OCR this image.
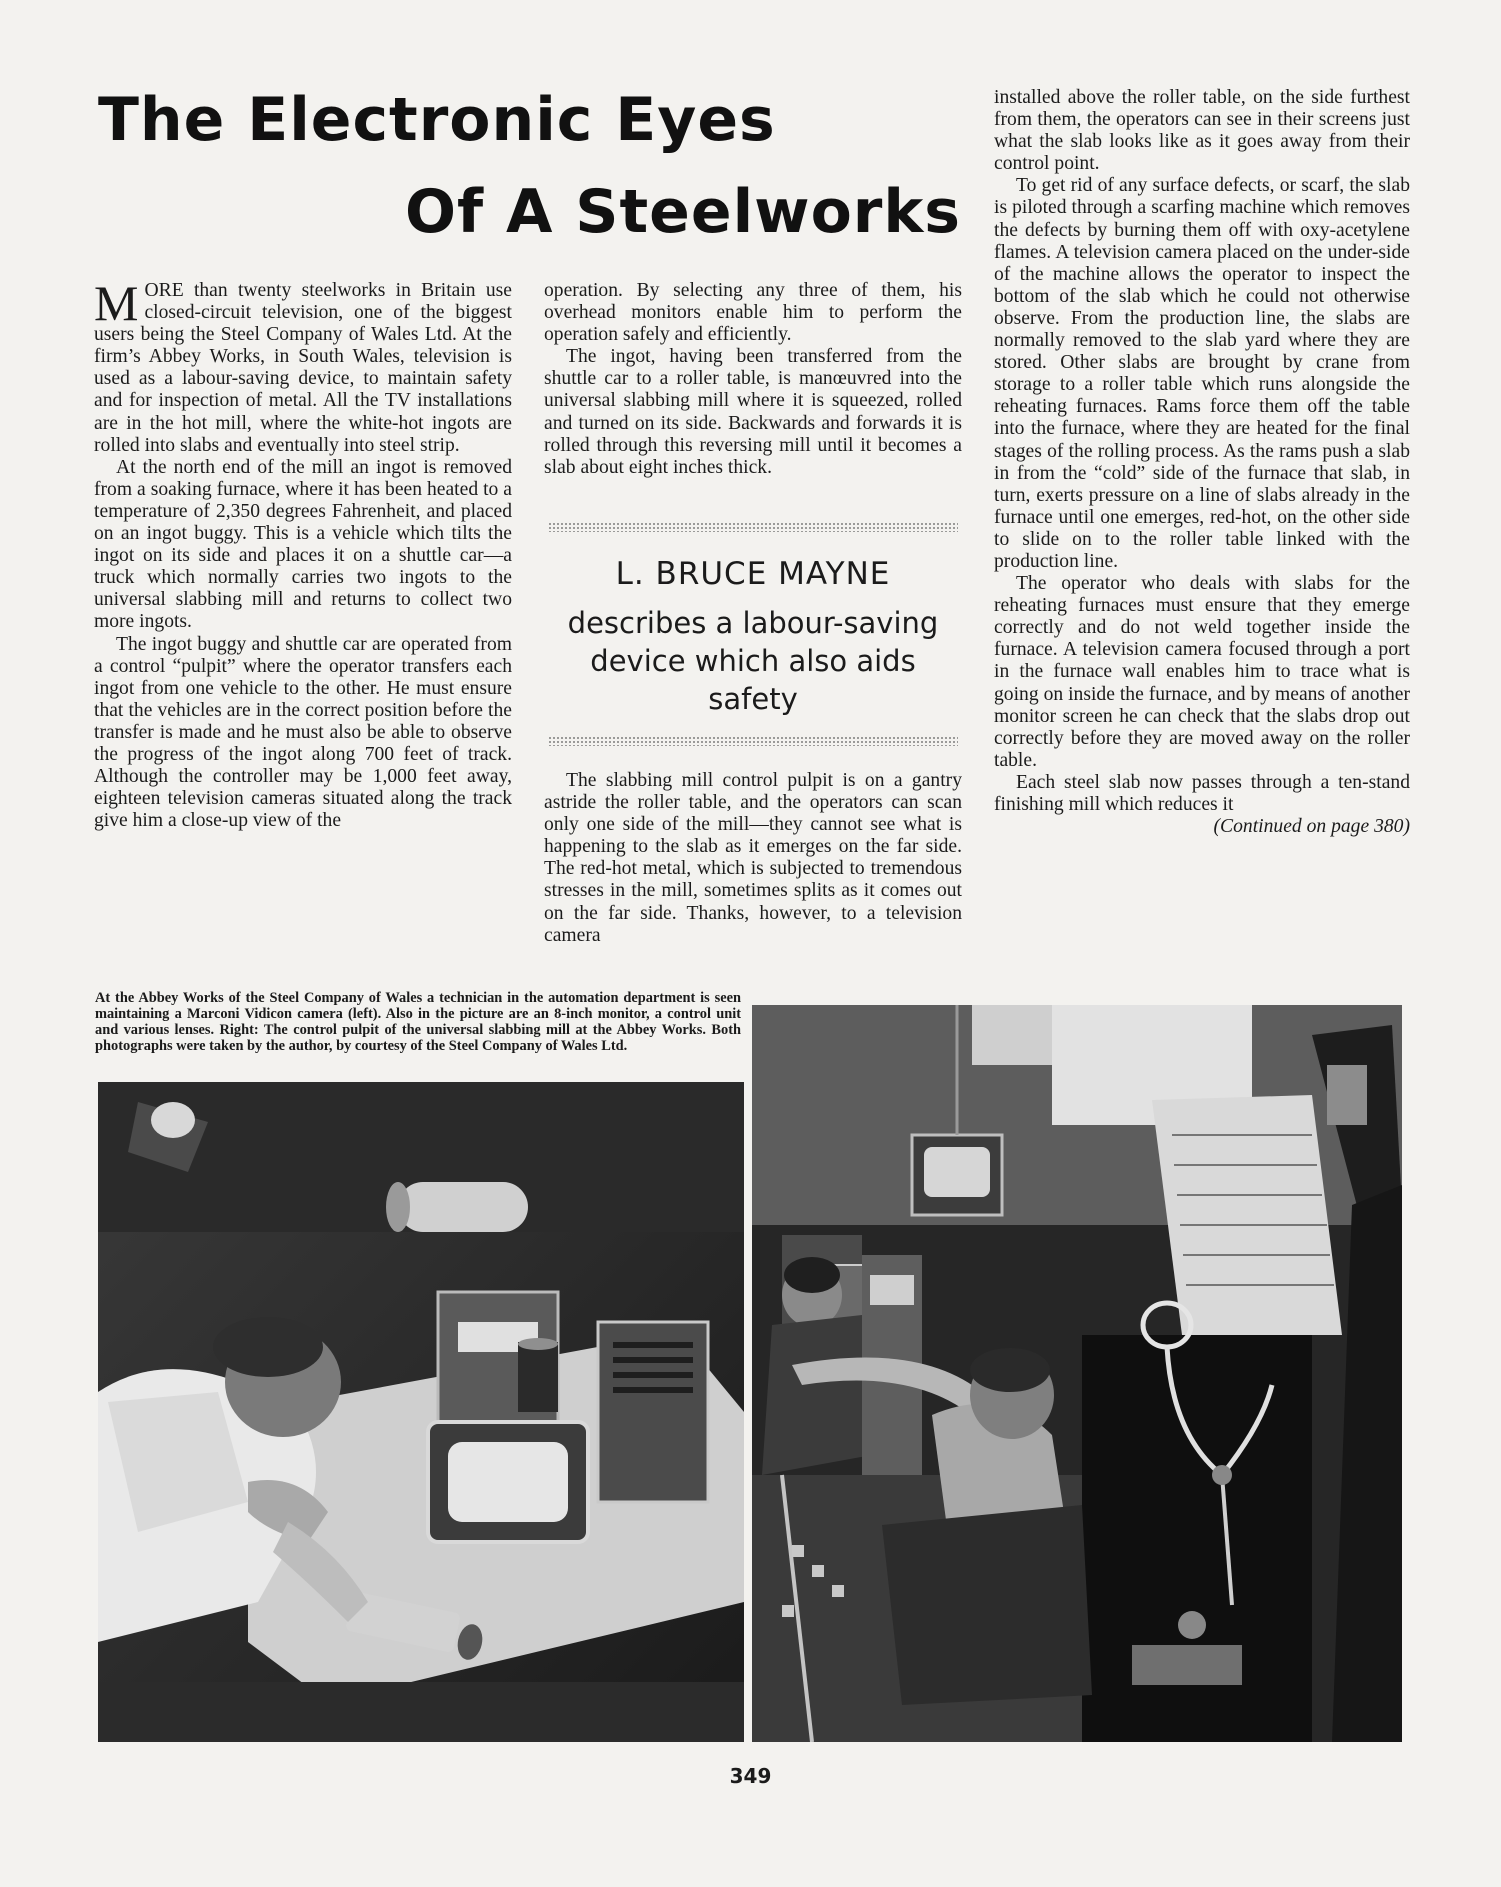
The Electronic Eyes
Of A Steelworks

MORE than twenty steelworks in Britain use closed-circuit television, one of the biggest users being the Steel Company of Wales Ltd. At the firm’s Abbey Works, in South Wales, television is used as a labour-saving device, to maintain safety and for inspection of metal. All the TV installations are in the hot mill, where the white-hot ingots are rolled into slabs and eventually into steel strip.

At the north end of the mill an ingot is removed from a soaking furnace, where it has been heated to a temperature of 2,350 degrees Fahrenheit, and placed on an ingot buggy. This is a vehicle which tilts the ingot on its side and places it on a shuttle car—a truck which normally carries two ingots to the universal slabbing mill and returns to collect two more ingots.

The ingot buggy and shuttle car are operated from a control “pulpit” where the operator transfers each ingot from one vehicle to the other. He must ensure that the vehicles are in the correct position before the transfer is made and he must also be able to observe the progress of the ingot along 700 feet of track. Although the controller may be 1,000 feet away, eighteen television cameras situated along the track give him a close-up view of the

operation. By selecting any three of them, his overhead monitors enable him to perform the operation safely and efficiently.

The ingot, having been transferred from the shuttle car to a roller table, is manœuvred into the universal slabbing mill where it is squeezed, rolled and turned on its side. Backwards and forwards it is rolled through this reversing mill until it becomes a slab about eight inches thick.

L. BRUCE MAYNE
describes a labour-saving device which also aids safety

The slabbing mill control pulpit is on a gantry astride the roller table, and the operators can scan only one side of the mill—they cannot see what is happening to the slab as it emerges on the far side. The red-hot metal, which is subjected to tremendous stresses in the mill, sometimes splits as it comes out on the far side. Thanks, however, to a television camera

installed above the roller table, on the side furthest from them, the operators can see in their screens just what the slab looks like as it goes away from their control point.

To get rid of any surface defects, or scarf, the slab is piloted through a scarfing machine which removes the defects by burning them off with oxy-acetylene flames. A television camera placed on the under-side of the machine allows the operator to inspect the bottom of the slab which he could not otherwise observe. From the production line, the slabs are normally removed to the slab yard where they are stored. Other slabs are brought by crane from storage to a roller table which runs alongside the reheating furnaces. Rams force them off the table into the furnace, where they are heated for the final stages of the rolling process. As the rams push a slab in from the “cold” side of the furnace that slab, in turn, exerts pressure on a line of slabs already in the furnace until one emerges, red-hot, on the other side to slide on to the roller table linked with the production line.

The operator who deals with slabs for the reheating furnaces must ensure that they emerge correctly and do not weld together inside the furnace. A television camera focused through a port in the furnace wall enables him to trace what is going on inside the furnace, and by means of another monitor screen he can check that the slabs drop out correctly before they are moved away on the roller table.

Each steel slab now passes through a ten-stand finishing mill which reduces it

(Continued on page 380)

At the Abbey Works of the Steel Company of Wales a technician in the automation department is seen maintaining a Marconi Vidicon camera (left). Also in the picture are an 8-inch monitor, a control unit and various lenses. Right: The control pulpit of the universal slabbing mill at the Abbey Works. Both photographs were taken by the author, by courtesy of the Steel Company of Wales Ltd.
349
